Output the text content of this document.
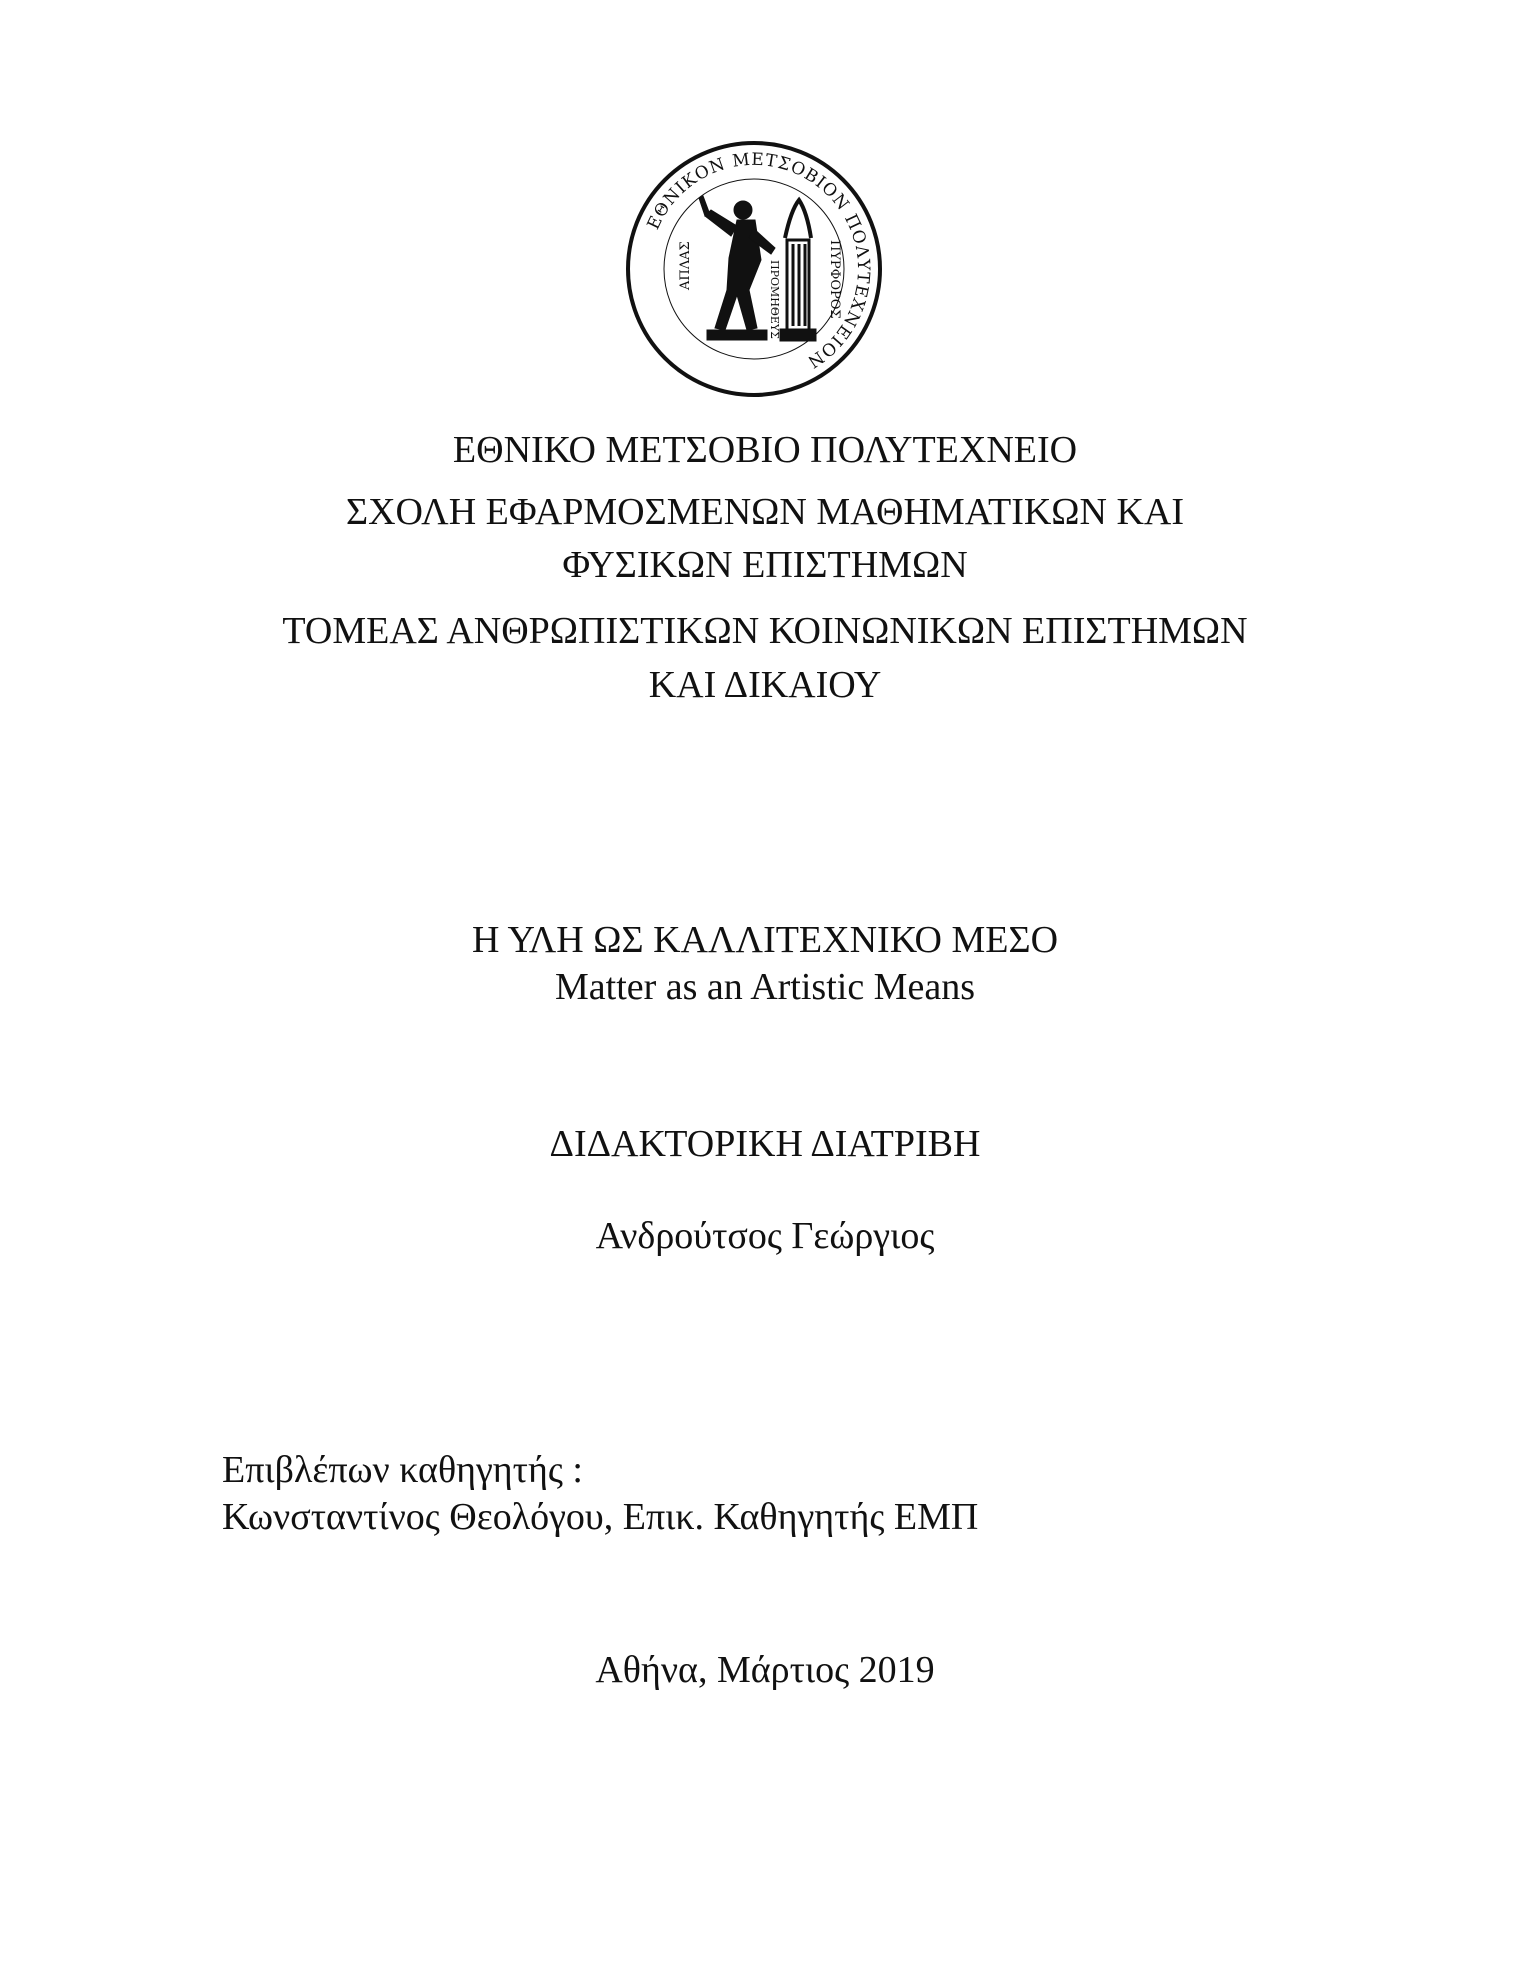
ΕΘΝΙΚΟΝ ΜΕΤΣΟΒΙΟΝ ΠΟΛΥΤΕΧΝΕΙΟΝ
ΑΠΛΑΣ	ΠΥΡΦΟΡΟΣ
ΠΡΟΜΗΘΕΥΣ
ΕΘΝΙΚΟ ΜΕΤΣΟΒΙΟ ΠΟΛΥΤΕΧΝΕΙΟ
ΣΧΟΛΗ ΕΦΑΡΜΟΣΜΕΝΩΝ ΜΑΘΗΜΑΤΙΚΩΝ ΚΑΙ
ΦΥΣΙΚΩΝ ΕΠΙΣΤΗΜΩΝ
ΤΟΜΕΑΣ ΑΝΘΡΩΠΙΣΤΙΚΩΝ ΚΟΙΝΩΝΙΚΩΝ ΕΠΙΣΤΗΜΩΝ
ΚΑΙ ΔΙΚΑΙΟΥ
Η ΥΛΗ ΩΣ ΚΑΛΛΙΤΕΧΝΙΚΟ ΜΕΣΟ
Matter as an Artistic Means
ΔΙΔΑΚΤΟΡΙΚΗ ΔΙΑΤΡΙΒΗ
Ανδρούτσος Γεώργιος
Επιβλέπων καθηγητής :
Κωνσταντίνος Θεολόγου, Επικ. Καθηγητής ΕΜΠ
Αθήνα, Μάρτιος 2019
